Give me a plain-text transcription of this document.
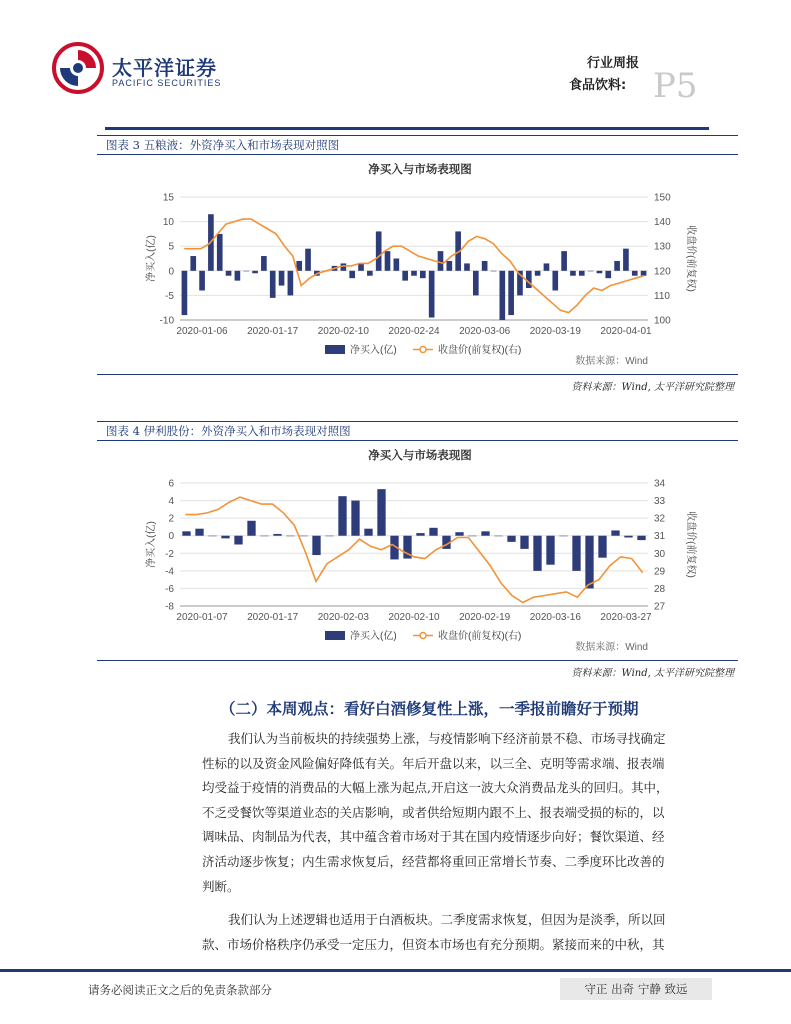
太平洋证券
PACIFIC SECURITIES
行业周报
食品饮料: P5
图表 3 五粮液：外资净买入和市场表现对照图
净买入与市场表现图
-10
-5
0
5
10
15
100
110
120
130
140
150
净买入(亿)	收盘价(前复权)
2020-01-06 2020-01-17 2020-02-10 2020-02-24 2020-03-06 2020-03-19 2020-04-01
净买入(亿)	收盘价(前复权)(右)
数据来源：Wind
资料来源：Wind, 太平洋研究院整理
图表 4 伊利股份：外资净买入和市场表现对照图
净买入与市场表现图
-8
-6
-4
-2
0
2
4
6
27
28
29
30
31
32
33
34
净买入(亿)	收盘价(前复权)
2020-01-07 2020-01-17 2020-02-03 2020-02-10 2020-02-19 2020-03-16 2020-03-27
净买入(亿)	收盘价(前复权)(右)
数据来源：Wind
资料来源：Wind, 太平洋研究院整理
（二）本周观点：看好白酒修复性上涨，一季报前瞻好于预期
我们认为当前板块的持续强势上涨，与疫情影响下经济前景不稳、市场寻找确定
性标的以及资金风险偏好降低有关。年后开盘以来，以三全、克明等需求端、报表端
均受益于疫情的消费品的大幅上涨为起点,开启这一波大众消费品龙头的回归。其中，
不乏受餐饮等渠道业态的关店影响，或者供给短期内跟不上、报表端受损的标的，以
调味品、肉制品为代表，其中蕴含着市场对于其在国内疫情逐步向好；餐饮渠道、经
济活动逐步恢复；内生需求恢复后，经营都将重回正常增长节奏、二季度环比改善的
判断。
我们认为上述逻辑也适用于白酒板块。二季度需求恢复，但因为是淡季，所以回
款、市场价格秩序仍承受一定压力，但资本市场也有充分预期。紧接而来的中秋，其
请务必阅读正文之后的免责条款部分	守正 出奇 宁静 致远
